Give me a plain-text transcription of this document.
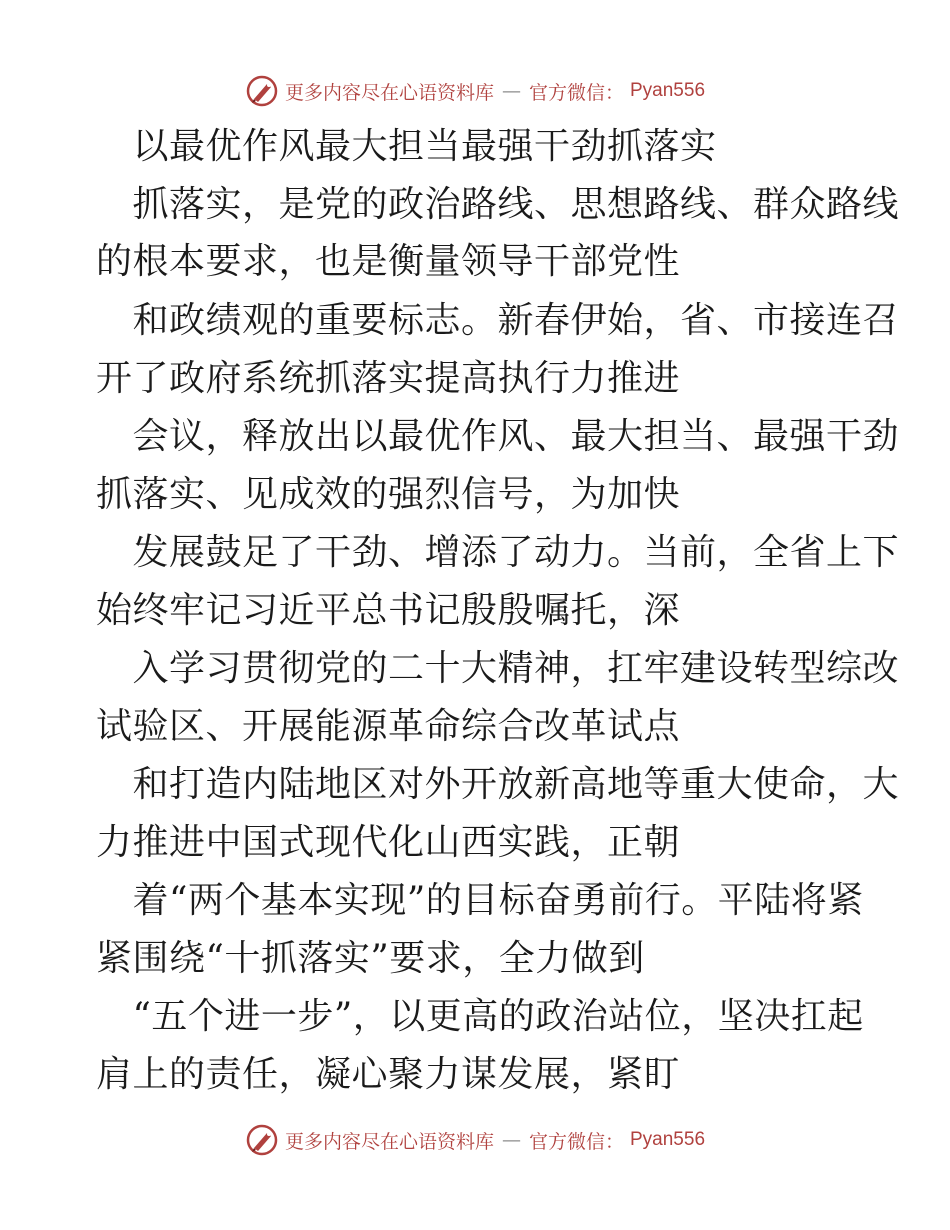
更多内容尽在心语资料库 — 官方微信： Pyan556
　以最优作风最大担当最强干劲抓落实
　抓落实，是党的政治路线、思想路线、群众路线
的根本要求，也是衡量领导干部党性
　和政绩观的重要标志。新春伊始，省、市接连召
开了政府系统抓落实提高执行力推进
　会议，释放出以最优作风、最大担当、最强干劲
抓落实、见成效的强烈信号，为加快
　发展鼓足了干劲、增添了动力。当前，全省上下
始终牢记习近平总书记殷殷嘱托，深
　入学习贯彻党的二十大精神，扛牢建设转型综改
试验区、开展能源革命综合改革试点
　和打造内陆地区对外开放新高地等重大使命，大
力推进中国式现代化山西实践，正朝
　着“两个基本实现”的目标奋勇前行。平陆将紧
紧围绕“十抓落实”要求，全力做到
　“五个进一步”，以更高的政治站位，坚决扛起
肩上的责任，凝心聚力谋发展，紧盯
更多内容尽在心语资料库 — 官方微信： Pyan556
